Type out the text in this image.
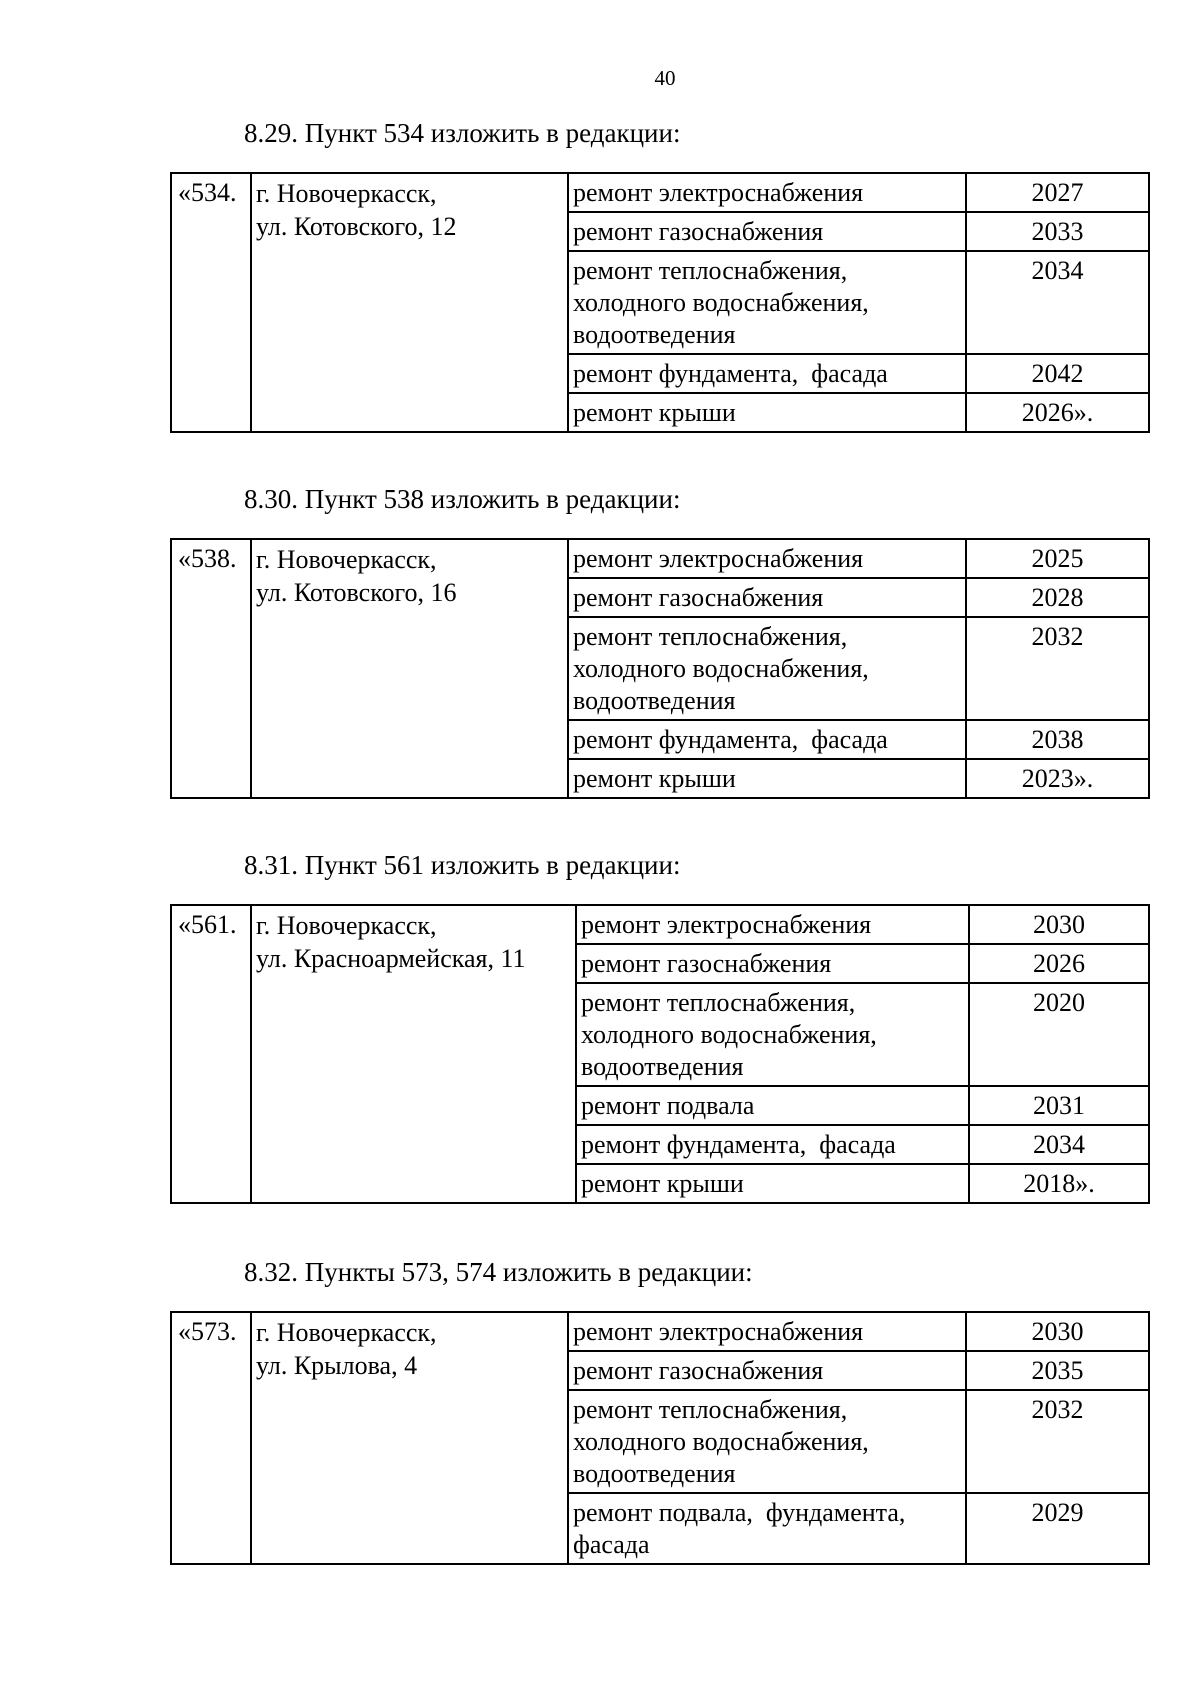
40
8.29. Пункт 534 изложить в редакции:
«534.	г. Новочеркасск,
ул. Котовского, 12	ремонт электроснабжения	2027
		ремонт газоснабжения	2033

		ремонт теплоснабжения,
холодного водоснабжения,
водоотведения	2034
		ремонт фундамента,  фасада	2042
		ремонт крыши	2026».
8.30. Пункт 538 изложить в редакции:
«538.	г. Новочеркасск,
ул. Котовского, 16	ремонт электроснабжения	2025
		ремонт газоснабжения	2028

		ремонт теплоснабжения,
холодного водоснабжения,
водоотведения	2032
		ремонт фундамента,  фасада	2038
		ремонт крыши	2023».
8.31. Пункт 561 изложить в редакции:
«561.	г. Новочеркасск,
ул. Красноармейская, 11	ремонт электроснабжения	2030
		ремонт газоснабжения	2026

		ремонт теплоснабжения,
холодного водоснабжения,
водоотведения	2020
		ремонт подвала	2031
		ремонт фундамента,  фасада	2034
		ремонт крыши	2018».
8.32. Пункты 573, 574 изложить в редакции:
«573.	г. Новочеркасск,
ул. Крылова, 4	ремонт электроснабжения	2030
		ремонт газоснабжения	2035

		ремонт теплоснабжения,
холодного водоснабжения,
водоотведения	2032

		ремонт подвала,  фундамента,
фасада	2029
